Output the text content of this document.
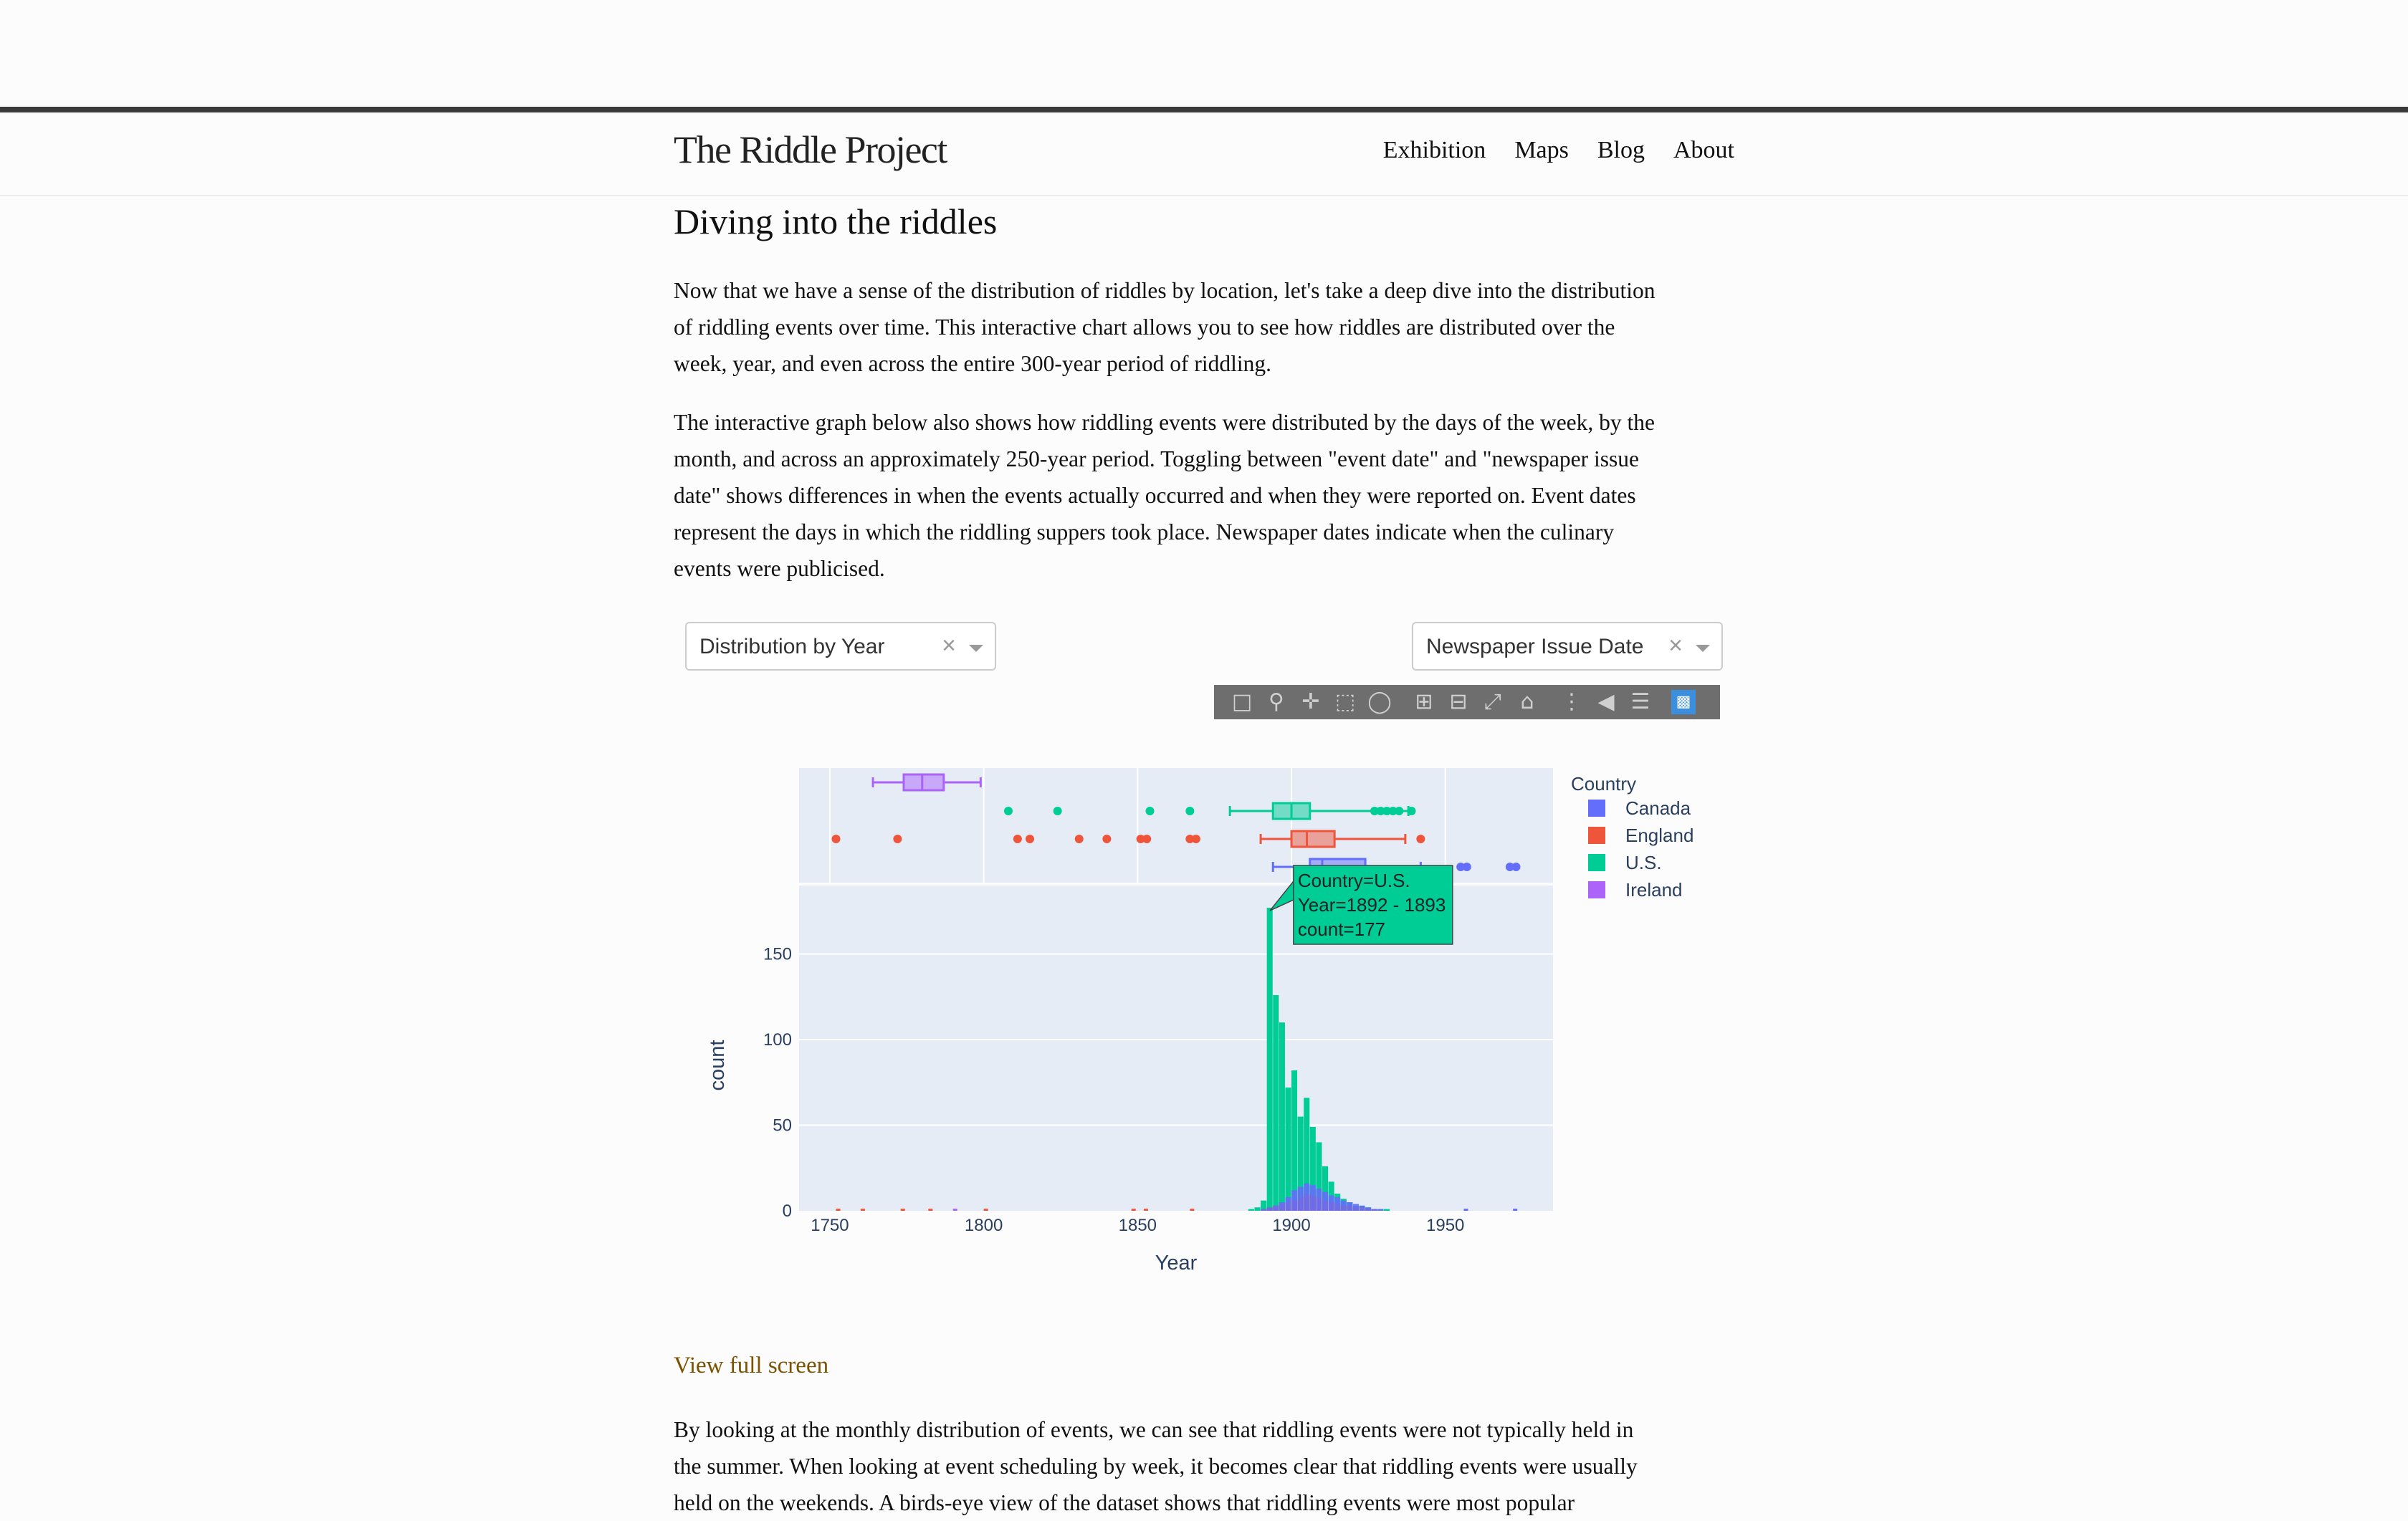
The Riddle Project	Exhibition Maps Blog About
Diving into the riddles
Now that we have a sense of the distribution of riddles by location, let's take a deep dive into the distribution
of riddling events over time. This interactive chart allows you to see how riddles are distributed over the
week, year, and even across the entire 300-year period of riddling.
The interactive graph below also shows how riddling events were distributed by the days of the week, by the
month, and across an approximately 250-year period. Toggling between "event date" and "newspaper issue
date" shows differences in when the events actually occurred and when they were reported on. Event dates
represent the days in which the riddling suppers took place. Newspaper dates indicate when the culinary
events were publicised.
Distribution by Year ×	Newspaper Issue Date ×
□ ⚲ ✛ ⬚ ◯ ⊞ ⊟ ⤢ ⌂	⋮ ◀ ☰ ▩
1750	1800	1850	1900	1950
0
50
100
150
Year
count
Country
Canada
England
U.S.
Ireland
Country=U.S.
Year=1892 - 1893
count=177
View full screen
By looking at the monthly distribution of events, we can see that riddling events were not typically held in
the summer. When looking at event scheduling by week, it becomes clear that riddling events were usually
held on the weekends. A birds-eye view of the dataset shows that riddling events were most popular
